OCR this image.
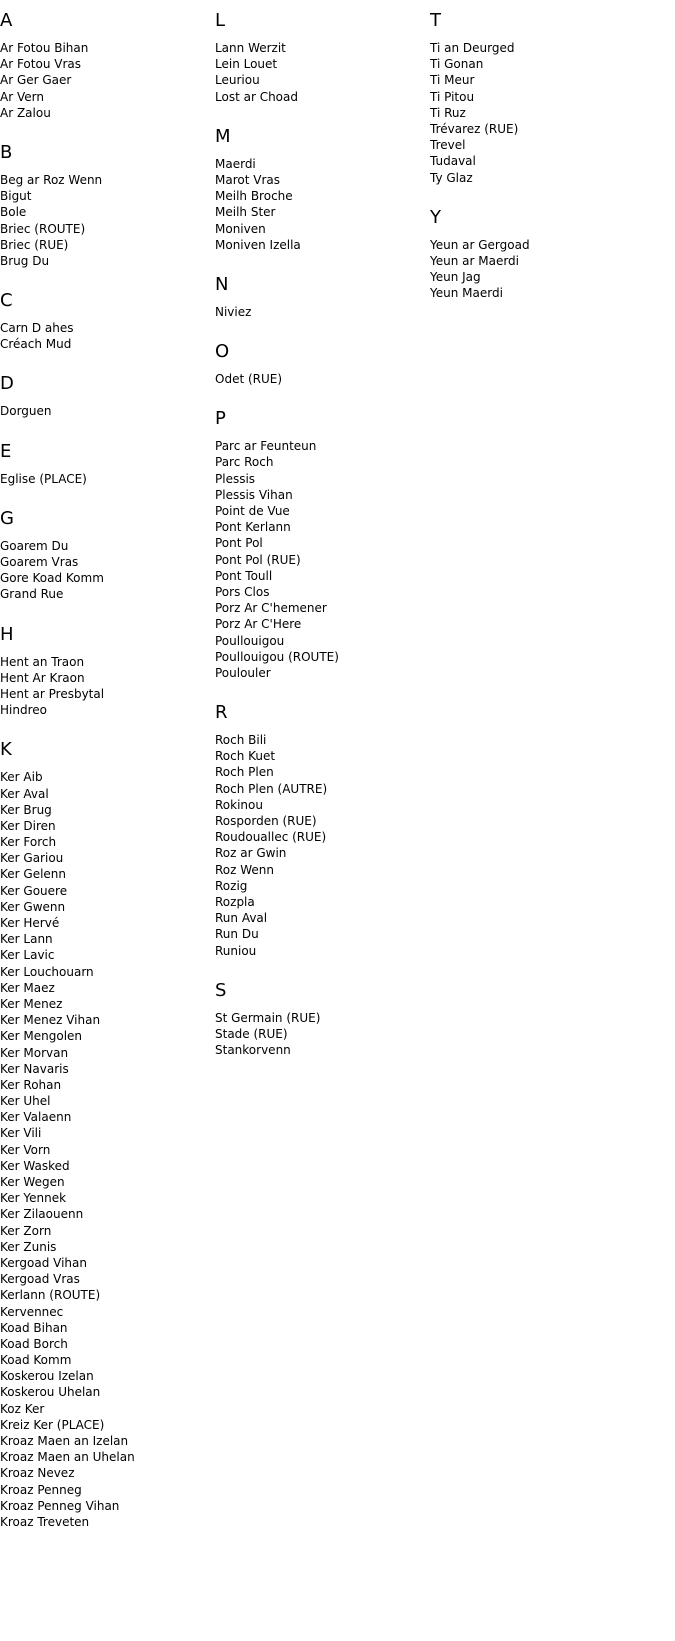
A
Ar Fotou Bihan
Ar Fotou Vras
Ar Ger Gaer
Ar Vern
Ar Zalou
B
Beg ar Roz Wenn
Bigut
Bole
Briec (ROUTE)
Briec (RUE)
Brug Du
C
Carn D ahes
Créach Mud
D
Dorguen
E
Eglise (PLACE)
G
Goarem Du
Goarem Vras
Gore Koad Komm
Grand Rue
H
Hent an Traon
Hent Ar Kraon
Hent ar Presbytal
Hindreo
K
Ker Aib
Ker Aval
Ker Brug
Ker Diren
Ker Forch
Ker Gariou
Ker Gelenn
Ker Gouere
Ker Gwenn
Ker Hervé
Ker Lann
Ker Lavic
Ker Louchouarn
Ker Maez
Ker Menez
Ker Menez Vihan
Ker Mengolen
Ker Morvan
Ker Navaris
Ker Rohan
Ker Uhel
Ker Valaenn
Ker Vili
Ker Vorn
Ker Wasked
Ker Wegen
Ker Yennek
Ker Zilaouenn
Ker Zorn
Ker Zunis
Kergoad Vihan
Kergoad Vras
Kerlann (ROUTE)
Kervennec
Koad Bihan
Koad Borch
Koad Komm
Koskerou Izelan
Koskerou Uhelan
Koz Ker
Kreiz Ker (PLACE)
Kroaz Maen an Izelan
Kroaz Maen an Uhelan
Kroaz Nevez
Kroaz Penneg
Kroaz Penneg Vihan
Kroaz Treveten
L
Lann Werzit
Lein Louet
Leuriou
Lost ar Choad
M
Maerdi
Marot Vras
Meilh Broche
Meilh Ster
Moniven
Moniven Izella
N
Niviez
O
Odet (RUE)
P
Parc ar Feunteun
Parc Roch
Plessis
Plessis Vihan
Point de Vue
Pont Kerlann
Pont Pol
Pont Pol (RUE)
Pont Toull
Pors Clos
Porz Ar C'hemener
Porz Ar C'Here
Poullouigou
Poullouigou (ROUTE)
Poulouler
R
Roch Bili
Roch Kuet
Roch Plen
Roch Plen (AUTRE)
Rokinou
Rosporden (RUE)
Roudouallec (RUE)
Roz ar Gwin
Roz Wenn
Rozig
Rozpla
Run Aval
Run Du
Runiou
S
St Germain (RUE)
Stade (RUE)
Stankorvenn
T
Ti an Deurged
Ti Gonan
Ti Meur
Ti Pitou
Ti Ruz
Trévarez (RUE)
Trevel
Tudaval
Ty Glaz
Y
Yeun ar Gergoad
Yeun ar Maerdi
Yeun Jag
Yeun Maerdi
